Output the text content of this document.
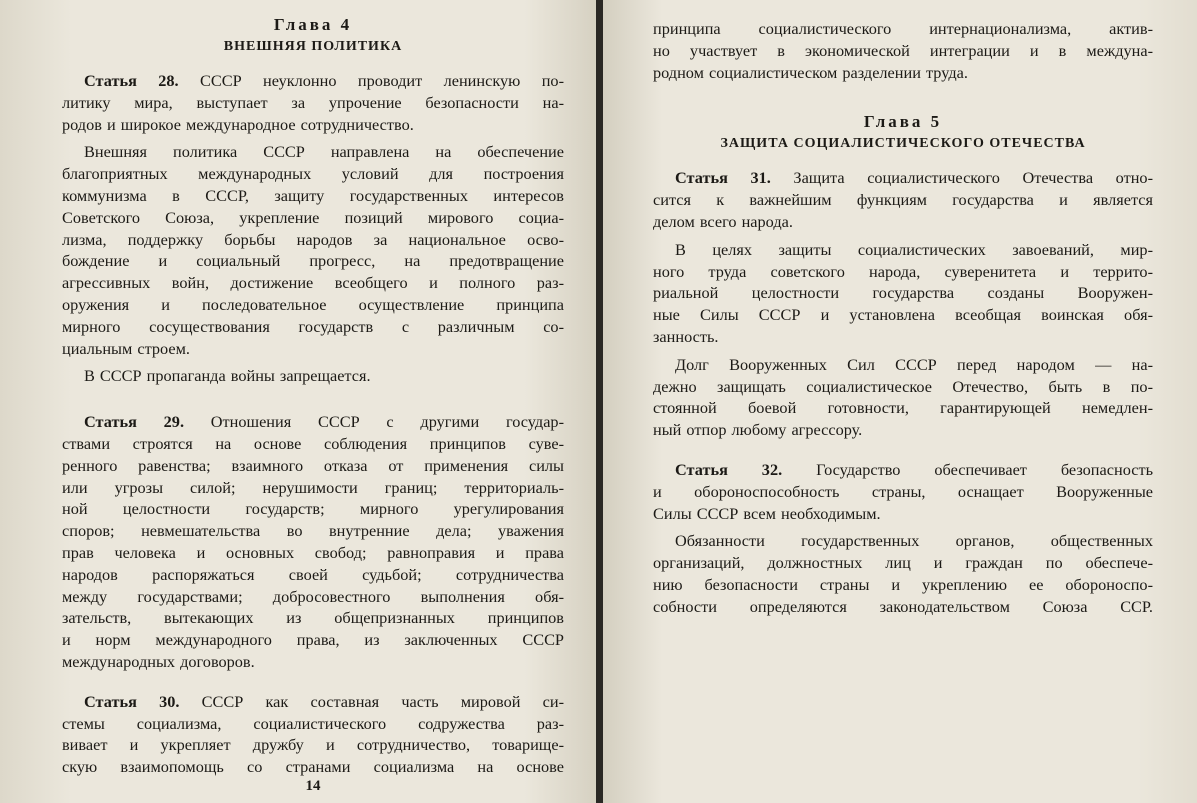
Глава 4
ВНЕШНЯЯ ПОЛИТИКА
Статья 28. СССР неуклонно проводит ленинскую по-
литику мира, выступает за упрочение безопасности на-
родов и широкое международное сотрудничество.
Внешняя политика СССР направлена на обеспечение
благоприятных международных условий для построения
коммунизма в СССР, защиту государственных интересов
Советского Союза, укрепление позиций мирового социа-
лизма, поддержку борьбы народов за национальное осво-
бождение и социальный прогресс, на предотвращение
агрессивных войн, достижение всеобщего и полного раз-
оружения и последовательное осуществление принципа
мирного сосуществования государств с различным со-
циальным строем.
В СССР пропаганда войны запрещается.
Статья 29. Отношения СССР с другими государ-
ствами строятся на основе соблюдения принципов суве-
ренного равенства; взаимного отказа от применения силы
или угрозы силой; нерушимости границ; территориаль-
ной целостности государств; мирного урегулирования
споров; невмешательства во внутренние дела; уважения
прав человека и основных свобод; равноправия и права
народов распоряжаться своей судьбой; сотрудничества
между государствами; добросовестного выполнения обя-
зательств, вытекающих из общепризнанных принципов
и норм международного права, из заключенных СССР
международных договоров.
Статья 30. СССР как составная часть мировой си-
стемы социализма, социалистического содружества раз-
вивает и укрепляет дружбу и сотрудничество, товарище-
скую взаимопомощь со странами социализма на основе
14
принципа социалистического интернационализма, актив-
но участвует в экономической интеграции и в междуна-
родном социалистическом разделении труда.
Глава 5
ЗАЩИТА СОЦИАЛИСТИЧЕСКОГО ОТЕЧЕСТВА
Статья 31. Защита социалистического Отечества отно-
сится к важнейшим функциям государства и является
делом всего народа.
В целях защиты социалистических завоеваний, мир-
ного труда советского народа, суверенитета и террито-
риальной целостности государства созданы Вооружен-
ные Силы СССР и установлена всеобщая воинская обя-
занность.
Долг Вооруженных Сил СССР перед народом — на-
дежно защищать социалистическое Отечество, быть в по-
стоянной боевой готовности, гарантирующей немедлен-
ный отпор любому агрессору.
Статья 32. Государство обеспечивает безопасность
и обороноспособность страны, оснащает Вооруженные
Силы СССР всем необходимым.
Обязанности государственных органов, общественных
организаций, должностных лиц и граждан по обеспече-
нию безопасности страны и укреплению ее обороноспо-
собности определяются законодательством Союза ССР.
